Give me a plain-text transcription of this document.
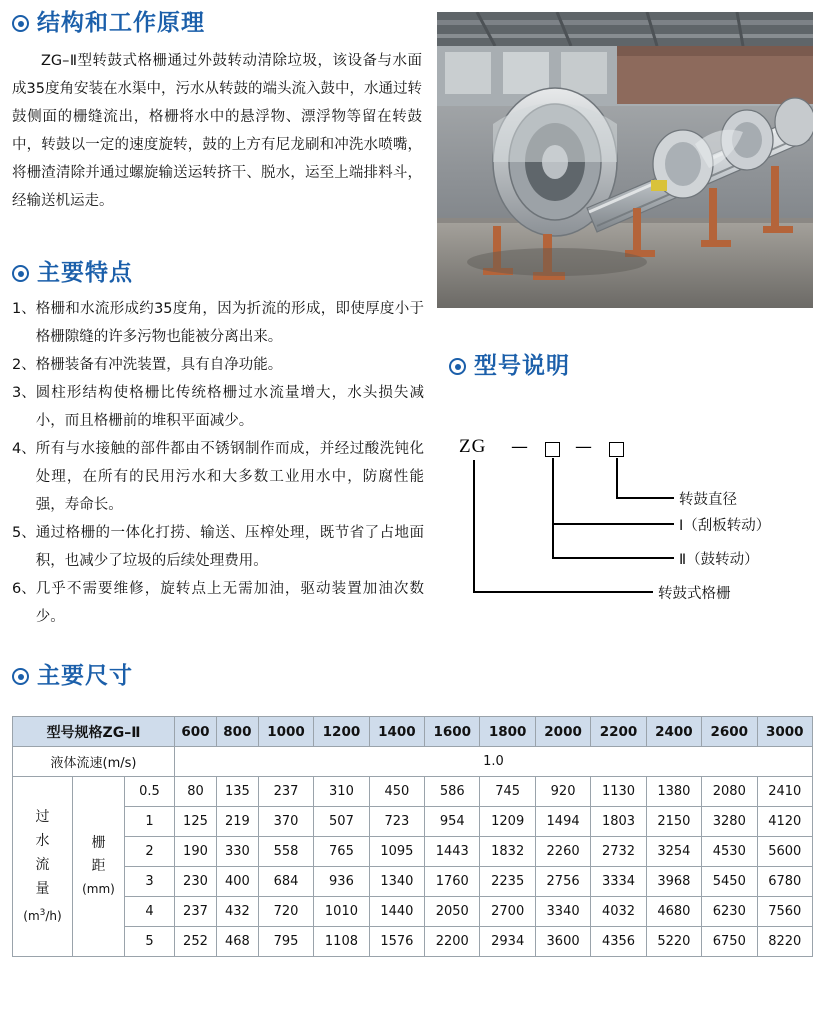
结构和工作原理
ZG–Ⅱ型转鼓式格栅通过外鼓转动清除垃圾，该设备与水面成35度角安装在水渠中，污水从转鼓的端头流入鼓中，水通过转鼓侧面的栅缝流出，格栅将水中的悬浮物、漂浮物等留在转鼓中，转鼓以一定的速度旋转，鼓的上方有尼龙刷和冲洗水喷嘴，将栅渣清除并通过螺旋输送运转挤干、脱水，运至上端排料斗，经输送机运走。
主要特点
1、 格栅和水流形成约35度角，因为折流的形成，即使厚度小于格栅隙缝的许多污物也能被分离出来。
2、 格栅装备有冲洗装置，具有自净功能。
3、 圆柱形结构使格栅比传统格栅过水流量增大，水头损失减小，而且格栅前的堆积平面减少。
4、 所有与水接触的部件都由不锈钢制作而成，并经过酸洗钝化处理，在所有的民用污水和大多数工业用水中，防腐性能强，寿命长。
5、 通过格栅的一体化打捞、输送、压榨处理，既节省了占地面积，也减少了垃圾的后续处理费用。
6、 几乎不需要维修，旋转点上无需加油，驱动装置加油次数少。
型号说明
ZG —	—
转鼓直径
Ⅰ（刮板转动）
Ⅱ（鼓转动）
转鼓式格栅
主要尺寸
型号规格ZG–Ⅱ			600	800	1000	1200	1400	1600	1800	2000	2200	2400	2600	3000
液体流速(m/s)			1.0											
过
水
流
量
$(m^3/h)$	栅
距
(mm)	0.5	80	135	237	310	450	586	745	920	1130	1380	2080	2410
		1	125	219	370	507	723	954	1209	1494	1803	2150	3280	4120
		2	190	330	558	765	1095	1443	1832	2260	2732	3254	4530	5600
		3	230	400	684	936	1340	1760	2235	2756	3334	3968	5450	6780
		4	237	432	720	1010	1440	2050	2700	3340	4032	4680	6230	7560
		5	252	468	795	1108	1576	2200	2934	3600	4356	5220	6750	8220
